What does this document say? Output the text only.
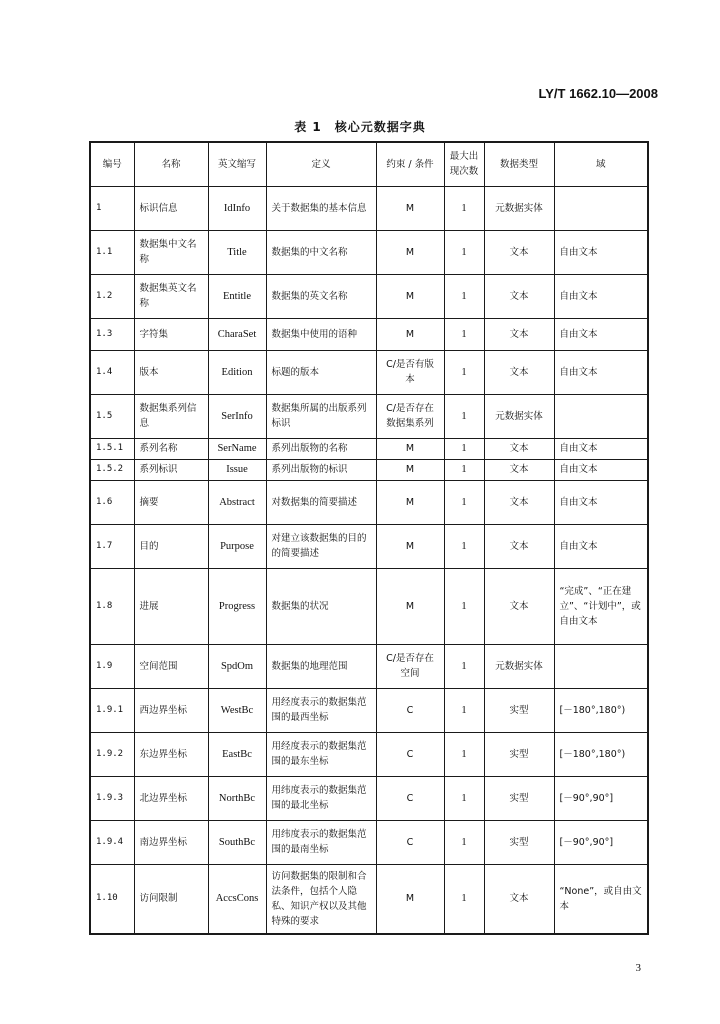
LY/T 1662.10—2008
表 1　核心元数据字典
编号	名称	英文缩写	定义	约束 / 条件	最大出现次数	数据类型	域
1	标识信息	IdInfo	关于数据集的基本信息	M	1	元数据实体	
1.1	数据集中文名称	Title	数据集的中文名称	M	1	文本	自由文本
1.2	数据集英文名称	Entitle	数据集的英文名称	M	1	文本	自由文本
1.3	字符集	CharaSet	数据集中使用的语种	M	1	文本	自由文本
1.4	版本	Edition	标题的版本	C/是否有版本	1	文本	自由文本
1.5	数据集系列信息	SerInfo	数据集所属的出版系列标识	C/是否存在数据集系列	1	元数据实体	
1.5.1	系列名称	SerName	系列出版物的名称	M	1	文本	自由文本
1.5.2	系列标识	Issue	系列出版物的标识	M	1	文本	自由文本
1.6	摘要	Abstract	对数据集的简要描述	M	1	文本	自由文本
1.7	目的	Purpose	对建立该数据集的目的的简要描述	M	1	文本	自由文本
1.8	进展	Progress	数据集的状况	M	1	文本	“完成”、“正在建立”、“计划中”，或自由文本
1.9	空间范围	SpdOm	数据集的地理范围	C/是否存在空间	1	元数据实体	
1.9.1	西边界坐标	WestBc	用经度表示的数据集范围的最西坐标	C	1	实型	[－180°,180°)
1.9.2	东边界坐标	EastBc	用经度表示的数据集范围的最东坐标	C	1	实型	[－180°,180°)
1.9.3	北边界坐标	NorthBc	用纬度表示的数据集范围的最北坐标	C	1	实型	[－90°,90°]
1.9.4	南边界坐标	SouthBc	用纬度表示的数据集范围的最南坐标	C	1	实型	[－90°,90°]
1.10	访问限制	AccsCons	访问数据集的限制和合法条件，包括个人隐私、知识产权以及其他特殊的要求	M	1	文本	“None”，或自由文本
3
